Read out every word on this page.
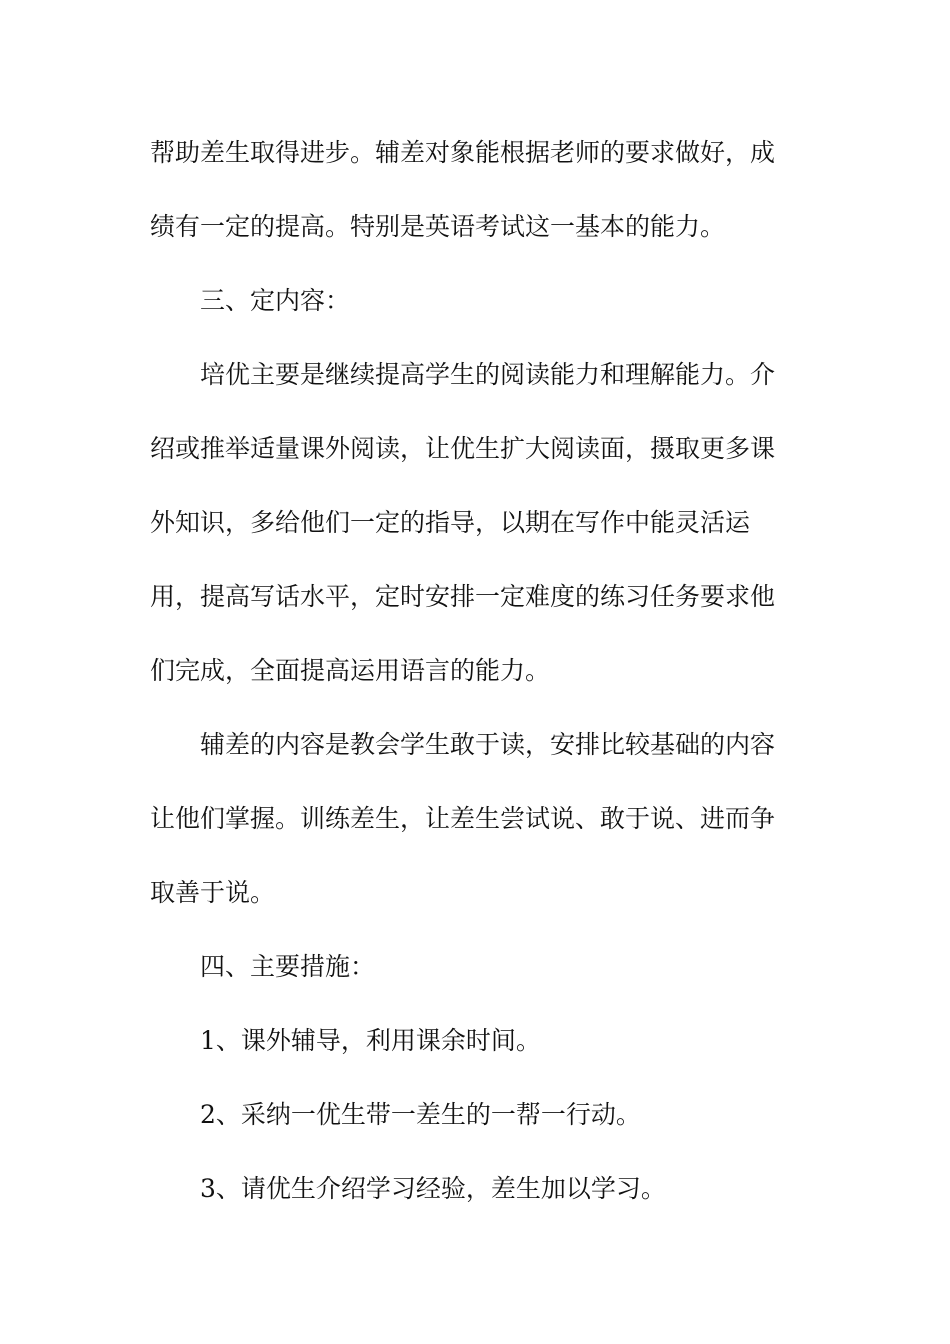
帮助差生取得进步。辅差对象能根据老师的要求做好，成
绩有一定的提高。特别是英语考试这一基本的能力。
三、定内容：
培优主要是继续提高学生的阅读能力和理解能力。介
绍或推举适量课外阅读，让优生扩大阅读面，摄取更多课
外知识，多给他们一定的指导，以期在写作中能灵活运
用，提高写话水平，定时安排一定难度的练习任务要求他
们完成，全面提高运用语言的能力。
辅差的内容是教会学生敢于读，安排比较基础的内容
让他们掌握。训练差生，让差生尝试说、敢于说、进而争
取善于说。
四、主要措施：
1、课外辅导，利用课余时间。
2、采纳一优生带一差生的一帮一行动。
3、请优生介绍学习经验，差生加以学习。
